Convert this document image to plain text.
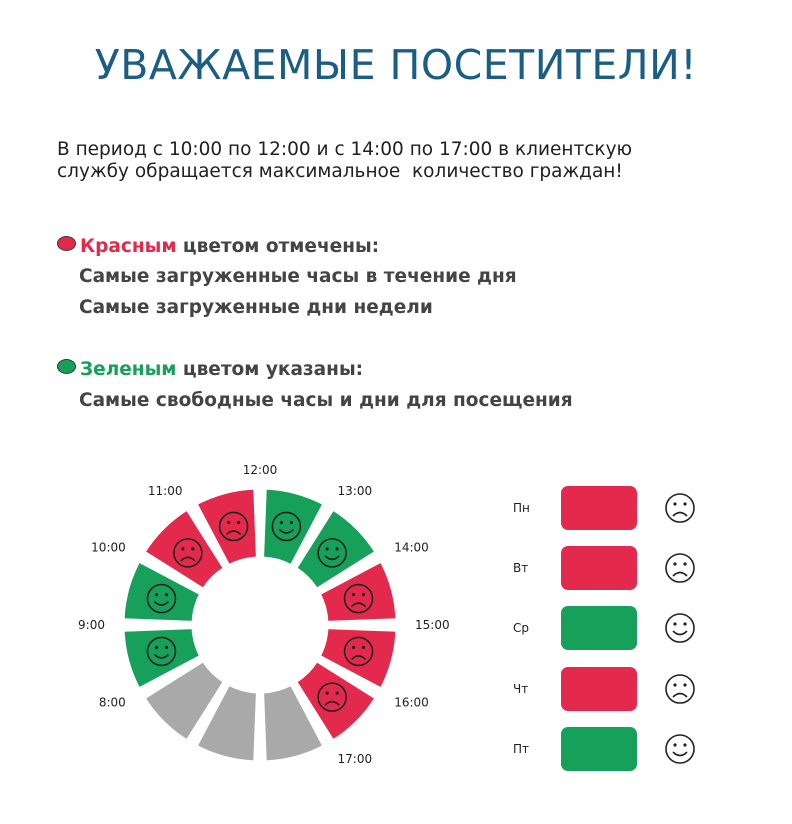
УВАЖАЕМЫЕ ПОСЕТИТЕЛИ!
В период с 10:00 по 12:00 и с 14:00 по 17:00 в клиентскую
службу обращается максимальное  количество граждан!
Красным цветом отмечены:
Самые загруженные часы в течение дня
Самые загруженные дни недели
Зеленым цветом указаны:
Самые свободные часы и дни для посещения
12:00
13:00
14:00
15:00
16:00
17:00
8:00
9:00
10:00
11:00
Пн
Вт
Ср
Чт
Пт
